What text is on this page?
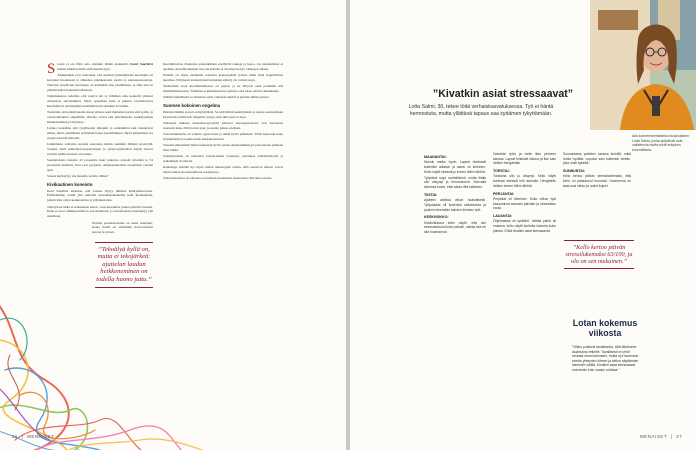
Stressi ei ole fiilis asia. Ainakin tämän ajatuksilla Katri Saarikivi lukaisi ilmiöön mutta siitä menettelyyn.

Tutkimukset ovat tuottaneet, että useiden työntekijöiden kuormitus on kasvanut kroonisesti ja aiheuttaa pitkäkestoisia oireita ja sairauspoissaoloja. Tulevien työpäivien stressitaso on kuitenkin aina yksilöllinen, ja siksi sitä on ymmärrettävä kokonaisvaltaisesti.

Tutkimuksissa todettiin, että vaativa työ ja vähäinen oma kontrolli yhdessä ennustavat sairastumista. Myös työpaikan kiire ja jatkuva tavoitettavuus kuormittavat työntekijöitä enemmän kuin aiemmin arvioitiin.

Tiedetään, että pitkittyneenä stressi altistaa sekä mielenterveyden että sydän- ja verisuonitautien ongelmille. Oireina voivat olla univaikeudet, keskittymisen heikkeneminen ja ärtyisyys.

Lisäksi tiedetään, että työyhteisön ilmapiiri ja esihenkilön tuki vaikuttavat siihen, miten yksittäinen työntekijä kokee kuormituksen. Hyvä johtaminen voi suojata stressin haitoilta.

Jonkinlaista osittaista stressin seurantaa tehtiin aiemmin lähinnä kyselyillä. Vuonna 2023 mielenterveyspalvelujen ja työterveyshuollon käyttö kasvoi selvästi edellisvuoteen verrattuna.

Suomalaisista naisista 43 prosenttia koki jatkuvaa stressiä työssään ja 34 prosenttia miehistä. Erot ovat pysyneet samansuuntaisina useamman vuoden ajan.

Stressi näyttäytyy siis monella tavalla. Miksi?

Kivikautinen koneisto

Katri Saarikivi ehdottaa, että vastaus löytyy ihmisen kehityshistoriasta. Elimistömme toimii yhä samoilla perusmekanismeilla kuin kivikaudella, jolloin uhat olivat konkreettisia ja lyhytkestoisia.

Tietotyössä uhka ei kuitenkaan katoa, vaan kuormitus jatkuu päivästä toiseen. Keho ei erota sähköpostitulvaa petoeläimestä, ja stressireaktio käynnistyy yhä uudelleen.

Naisten peruskuormitus on usein suurempi, koska heillä on enemmän hoivavastuuta kotona ja työssä.

”Tekoälyä kyllä on, mutta ei tekojärkeä: ajattelun laadun heikkeneminen on todella huono juttu.”

Kuormittavista tilanteista palautuminen edellyttää taukoja ja lepoa. Jos palautumista ei tapahdu, stressihormonien taso jää koholle ja väsymys kertyy viikkojen aikana.

Naisilla on myös enemmän toistuvia keskeytyksiä työssä, mikä lisää kognitiivista kuormaa. Erityisesti asiakastyössä tunteiden säätely vie voimavaroja.

Yksilöllisiä eroja kuormittumisessa on paljon, ja ne liittyvät sekä perimään että elämäntilanteeseen. Tutkimus ei kuitenkaan tue ajatusta, että toiset olisivat immuuneja.

Sitäkin tärkeämpää on tunnistaa omat varhaiset merkit ja puuttua niihin ajoissa.

Suomen kokoinen ongelma

Pienissä määrin stressi on hyödyllistä. Se terävöittää keskittymistä ja auttaa suoriutumaan haastavista tehtävistä. Ongelma syntyy, kun aktivaatio ei lopu.

Tilastojen mukaan mielenterveyssyistä johtuvat sairauspoissaolot ovat kasvaneet tasaisesti koko 2010-luvun ajan, ja suunta jatkuu edelleen.

Stressaantuneena on vaikeaa oppia uutta ja tehdä hyviä päätöksiä. Tämä heijastuu koko työyhteisöön ja lopulta koko kansantalouteen.

Stressin aiheuttamat haitat tunnetaan hyvin, mutta ennaltaehkäisyyn panostetaan edelleen liian vähän.

Toimenpiteiksi on ehdotettu joustavampia työaikoja, parempaa esihenkilötyötä ja selkeämpiä tavoitteita.

Ratkaisuja etsitään nyt myös uuden teknologian avulla, sillä puettavat laitteet voivat mitata kehon stressireaktioita reaaliajassa.

Tulevaisuudessa tavoitteena on tunnistaa kuormitus ennen kuin siitä tulee sairaus.

26  |  MENAISET
”Kivatkin asiat stressaavat”
Lotta Salmi, 30, tekee töitä verhaiskasvatuksessa. Työ ei häntä hermostuta, mutta yllättävä tapaus saa sydämen tykyttämään.
Aila kolmeenkertaiseksi kuopiolainen Lotta Salmi, jonka työpäivät ovat vaihtelevia mutta eivät erityisen kuormittavia.
MAANANTAI:

Nukuin melko hyvin. Lapset heräsivät kuitenkin aikaisin ja aamu oli kiireinen. Kello näytti stressiä jo ennen töihin lähtöä.

Työpäivä sujui rauhallisesti, mutta illalla olin väsynyt ja hermostunut. Sohvalla istuessa tuntui, ettei aikaa riitä kaikkeen.

TIISTAI:

Ajattelin aloittaa viikon rauhallisesti. Työpaikalla oli kuitenkin sairaslomia ja jouduin tekemään kahden ihmisen työt.

KESKIVIIKKO:

Keskiviikkona kello näytti, että olin stressaantunut koko päivän, vaikka itse en sitä huomannut.

Vahvistin työni ja vietin illan perheen kanssa. Lapset leikkivät ulkona ja itse sain hetken hengähtää.

TORSTAI:

Torstaina olin jo väsynyt. Kello näytti korkeaa stressiä heti aamulla. Hengittelin hetken ennen töihin lähtöä.

PERJANTAI:

Perjantai oli kiireinen. Koko viikon työt kasautuivat samaan päivään ja stressitaso nousi.

LAUANTAI:

Ohjelmassa oli synttärit. Vaikka päivä oli mukava, kello näytti korkeita lukemia koko päivän. Ehkä kivatkin asiat stressaavat.

Sunnuntaina ystävien kanssa lenkillä, mikä tuntui hyvältä. Lopuksi sain kuitenkin viestin, joka nosti sykettä.

SUNNUNTAI:

Kello kertoo päivän stressilukemaksi, että keho on palautunut huonosti. Huomenna on taas uusi viikko ja uudet kujeet.

”Kello kertoo päivän stressilukemaksi 63/100, ja olo on sen mukainen.”
Lotan kokemus viikosta

”Viikko poikkesi tavallisesta, sillä lähdimme lauantaina retkelle. Tavallisesti en ehdi seurata omia lukemiani, mutta nyt huomasin selvän yhteyden kiireen ja kellon näyttämien lukemien välillä. Kivatkin asiat stressaavat enemmän kuin osasin odottaa.”

MENAISET  |  27
